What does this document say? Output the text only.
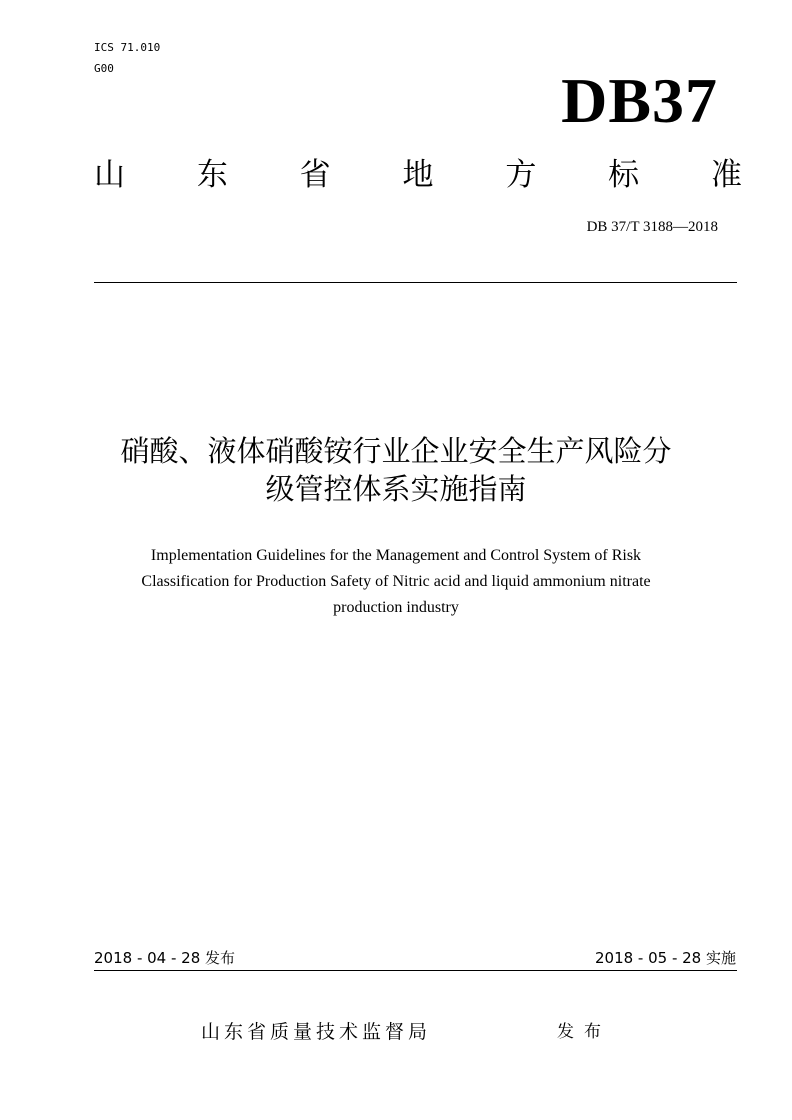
ICS 71.010
G00	DB37
山 东 省 地 方 标 准
DB 37/T 3188—2018
硝酸、液体硝酸铵行业企业安全生产风险分
级管控体系实施指南
Implementation Guidelines for the Management and Control System of Risk
Classification for Production Safety of Nitric acid and liquid ammonium nitrate
production industry
2018 - 04 - 28 发布	2018 - 05 - 28 实施
山东省质量技术监督局	发布
